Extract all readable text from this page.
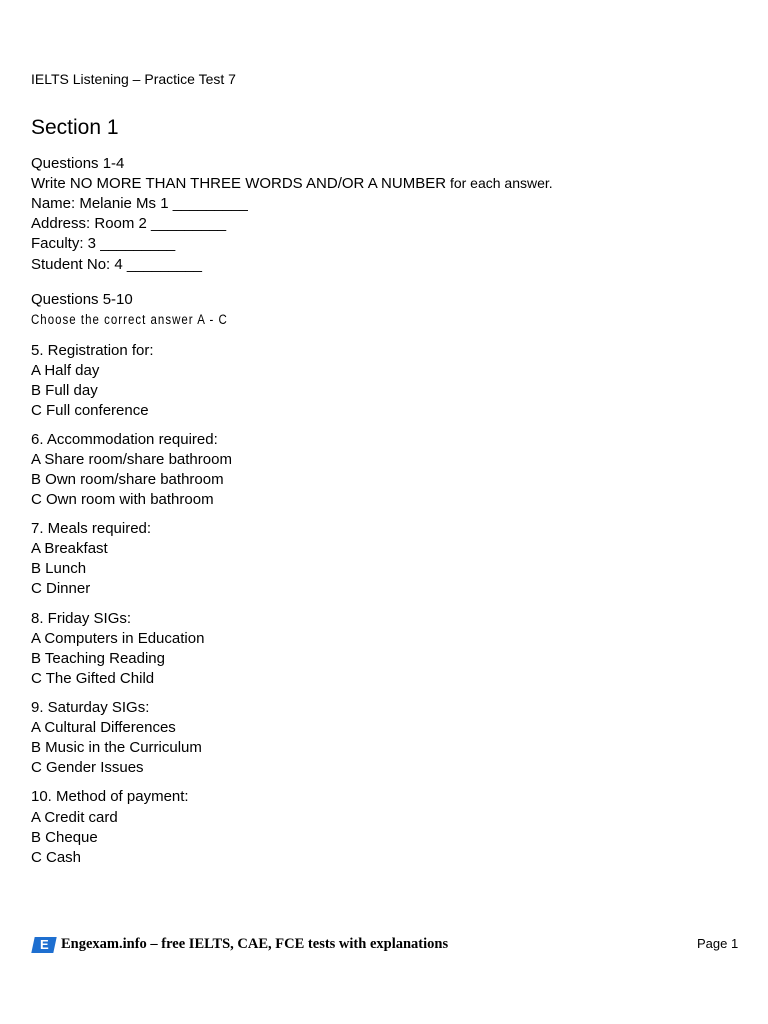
IELTS Listening – Practice Test 7
Section 1
Questions 1-4
Write NO MORE THAN THREE WORDS AND/OR A NUMBER for each answer.
Name: Melanie Ms 1 _________
Address: Room 2 _________
Faculty: 3 _________
Student No: 4 _________
Questions 5-10
Choose the correct answer A - C
5. Registration for:
A Half day
B Full day
C Full conference
6. Accommodation required:
A Share room/share bathroom
B Own room/share bathroom
C Own room with bathroom
7. Meals required:
A Breakfast
B Lunch
C Dinner
8. Friday SIGs:
A Computers in Education
B Teaching Reading
C The Gifted Child
9. Saturday SIGs:
A Cultural Differences
B Music in the Curriculum
C Gender Issues
10. Method of payment:
A Credit card
B Cheque
C Cash
E Engexam.info – free IELTS, CAE, FCE tests with explanations	Page 1
